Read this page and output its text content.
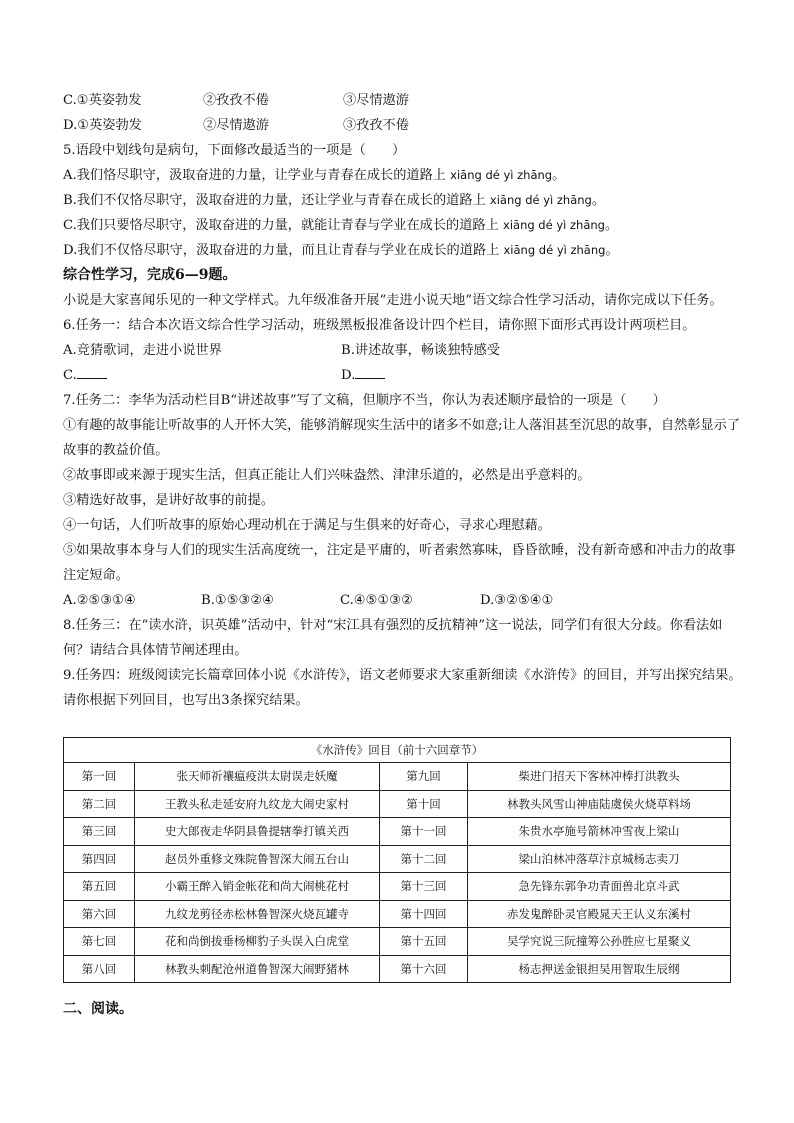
C.①英姿勃发	②孜孜不倦	③尽情遨游
D.①英姿勃发	②尽情遨游	③孜孜不倦
5.语段中划线句是病句，下面修改最适当的一项是（　　）
A.我们恪尽职守，汲取奋进的力量，让学业与青春在成长的道路上 xiāng dé yì zhāng。
B.我们不仅恪尽职守，汲取奋进的力量，还让学业与青春在成长的道路上 xiāng dé yì zhāng。
C.我们只要恪尽职守，汲取奋进的力量，就能让青春与学业在成长的道路上 xiāng dé yì zhāng。
D.我们不仅恪尽职守，汲取奋进的力量，而且让青春与学业在成长的道路上 xiāng dé yì zhāng。
综合性学习，完成6—9题。
小说是大家喜闻乐见的一种文学样式。九年级准备开展“走进小说天地”语文综合性学习活动，请你完成以下任务。
6.任务一：结合本次语文综合性学习活动，班级黑板报准备设计四个栏目，请你照下面形式再设计两项栏目。
A.竞猜歌词，走进小说世界	B.讲述故事，畅谈独特感受
C.	D.
7.任务二：李华为活动栏目B“讲述故事”写了文稿，但顺序不当，你认为表述顺序最恰的一项是（　　）
①有趣的故事能让听故事的人开怀大笑，能够消解现实生活中的诸多不如意;让人落泪甚至沉思的故事，自然彰显示了故事的教益价值。
②故事即或来源于现实生活，但真正能让人们兴味盎然、津津乐道的，必然是出乎意料的。
③精选好故事，是讲好故事的前提。
④一句话，人们听故事的原始心理动机在于满足与生俱来的好奇心，寻求心理慰藉。
⑤如果故事本身与人们的现实生活高度统一，注定是平庸的，听者索然寡味，昏昏欲睡，没有新奇感和冲击力的故事注定短命。
A.②⑤③①④	B.①⑤③②④	C.④⑤①③②	D.③②⑤④①
8.任务三：在“读水浒，识英雄”活动中，针对“宋江具有强烈的反抗精神”这一说法，同学们有很大分歧。你看法如何？请结合具体情节阐述理由。
9.任务四：班级阅读完长篇章回体小说《水浒传》，语文老师要求大家重新细读《水浒传》的回目，并写出探究结果。请你根据下列回目，也写出3条探究结果。
《水浒传》回目（前十六回章节）			
第一回	张天师祈禳瘟疫洪太尉误走妖魔	第九回	柴进门招天下客林冲棒打洪教头
第二回	王教头私走延安府九纹龙大闹史家村	第十回	林教头风雪山神庙陆虞侯火烧草料场
第三回	史大郎夜走华阴县鲁提辖拳打镇关西	第十一回	朱贵水亭施号箭林冲雪夜上梁山
第四回	赵员外重修文殊院鲁智深大闹五台山	第十二回	梁山泊林冲落草汴京城杨志卖刀
第五回	小霸王醉入销金帐花和尚大闹桃花村	第十三回	急先锋东郭争功青面兽北京斗武
第六回	九纹龙剪径赤松林鲁智深火烧瓦罐寺	第十四回	赤发鬼醉卧灵官殿晁天王认义东溪村
第七回	花和尚倒拔垂杨柳豹子头误入白虎堂	第十五回	吴学究说三阮撞筹公孙胜应七星聚义
第八回	林教头刺配沧州道鲁智深大闹野猪林	第十六回	杨志押送金银担吴用智取生辰纲
二、阅读。
